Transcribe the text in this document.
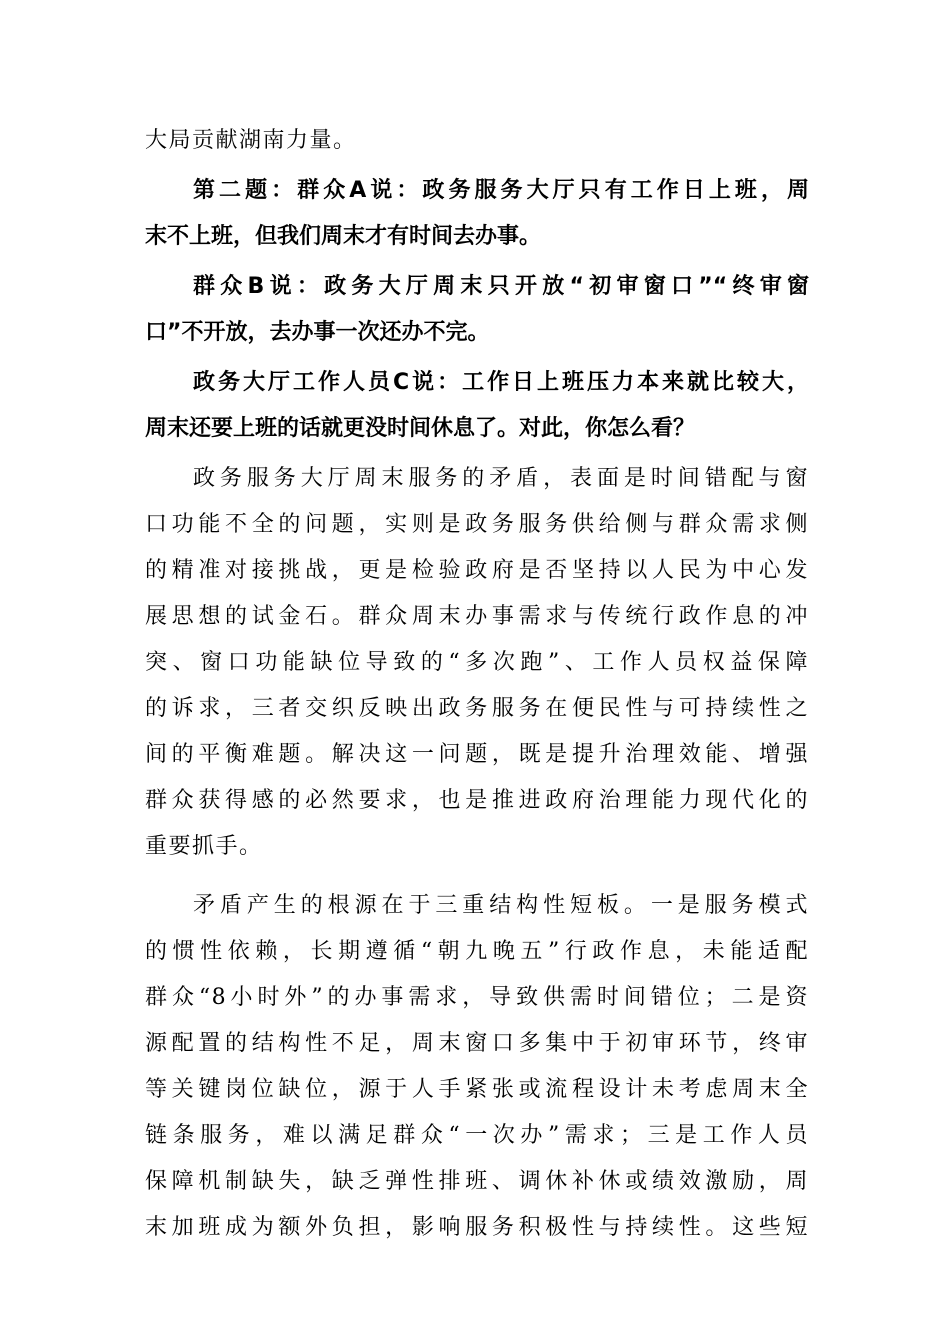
大局贡献湖南力量。
第二题：群众A说：政务服务大厅只有工作日上班，周
末不上班，但我们周末才有时间去办事。
群众B说：政务大厅周末只开放“初审窗口”“终审窗
口”不开放，去办事一次还办不完。
政务大厅工作人员C说：工作日上班压力本来就比较大，
周末还要上班的话就更没时间休息了。对此，你怎么看？
政务服务大厅周末服务的矛盾，表面是时间错配与窗
口功能不全的问题，实则是政务服务供给侧与群众需求侧
的精准对接挑战，更是检验政府是否坚持以人民为中心发
展思想的试金石。群众周末办事需求与传统行政作息的冲
突、窗口功能缺位导致的“多次跑”、工作人员权益保障
的诉求，三者交织反映出政务服务在便民性与可持续性之
间的平衡难题。解决这一问题，既是提升治理效能、增强
群众获得感的必然要求，也是推进政府治理能力现代化的
重要抓手。
矛盾产生的根源在于三重结构性短板。一是服务模式
的惯性依赖，长期遵循“朝九晚五”行政作息，未能适配
群众“8小时外”的办事需求，导致供需时间错位；二是资
源配置的结构性不足，周末窗口多集中于初审环节，终审
等关键岗位缺位，源于人手紧张或流程设计未考虑周末全
链条服务，难以满足群众“一次办”需求；三是工作人员
保障机制缺失，缺乏弹性排班、调休补休或绩效激励，周
末加班成为额外负担，影响服务积极性与持续性。这些短
